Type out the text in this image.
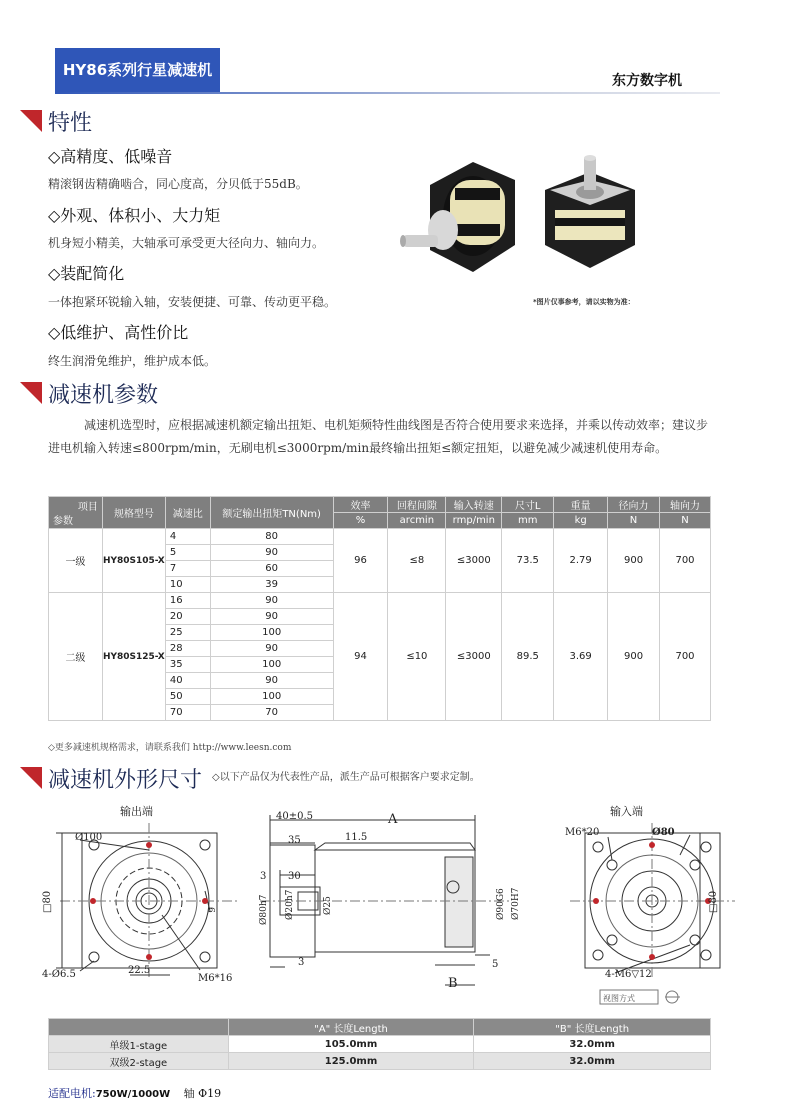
HY86系列行星减速机
东方数字机
特性
◇高精度、低噪音
精滚钢齿精确啮合，同心度高，分贝低于55dB。
◇外观、体积小、大力矩
机身短小精美，大轴承可承受更大径向力、轴向力。
◇装配简化
一体抱紧环锐输入轴，安装便捷、可靠、传动更平稳。
◇低维护、高性价比
终生润滑免维护，维护成本低。
*图片仅事参考，请以实物为准：
减速机参数
减速机选型时，应根据减速机额定输出扭矩、电机矩频特性曲线图是否符合使用要求来选择，并乘以传动效率；建议步进电机输入转速≤800rpm/min，无刷电机≤3000rpm/min最终输出扭矩≤额定扭矩，以避免减少减速机使用寿命。
项目
参数	规格型号	减速比	额定输出扭矩TN(Nm)	效率	回程间隙	输入转速	尺寸L	重量	径向力	轴向力
				%	arcmin	rmp/min	mm	kg	N	N
一级	HY80S105-X	4	80	96	≤8	≤3000	73.5	2.79	900	700
		5	90							
		7	60							
		10	39							
二级	HY80S125-X	16	90	94	≤10	≤3000	89.5	3.69	900	700
		20	90							
		25	100							
		28	90							
		35	100							
		40	90							
		50	100							
		70	70							
◇更多减速机规格需求，请联系我们 http://www.leesn.com
减速机外形尺寸 ◇以下产品仅为代表性产品，派生产品可根据客户要求定制。
输出端	输入端
Ø100
□80
4-Ø6.5	22.5
M6*16
6
A
B
40±0.5
11.5
35
30
3
3	5
Ø80h7 Ø20h7	Ø25	Ø90G6 Ø70H7
M6*20	Ø80
□80
4-M6▽12
视图方式
	"A" 长度Length	"B" 长度Length
单级1-stage	105.0mm	32.0mm
双级2-stage	125.0mm	32.0mm
适配电机:750W/1000W 轴 Φ19
